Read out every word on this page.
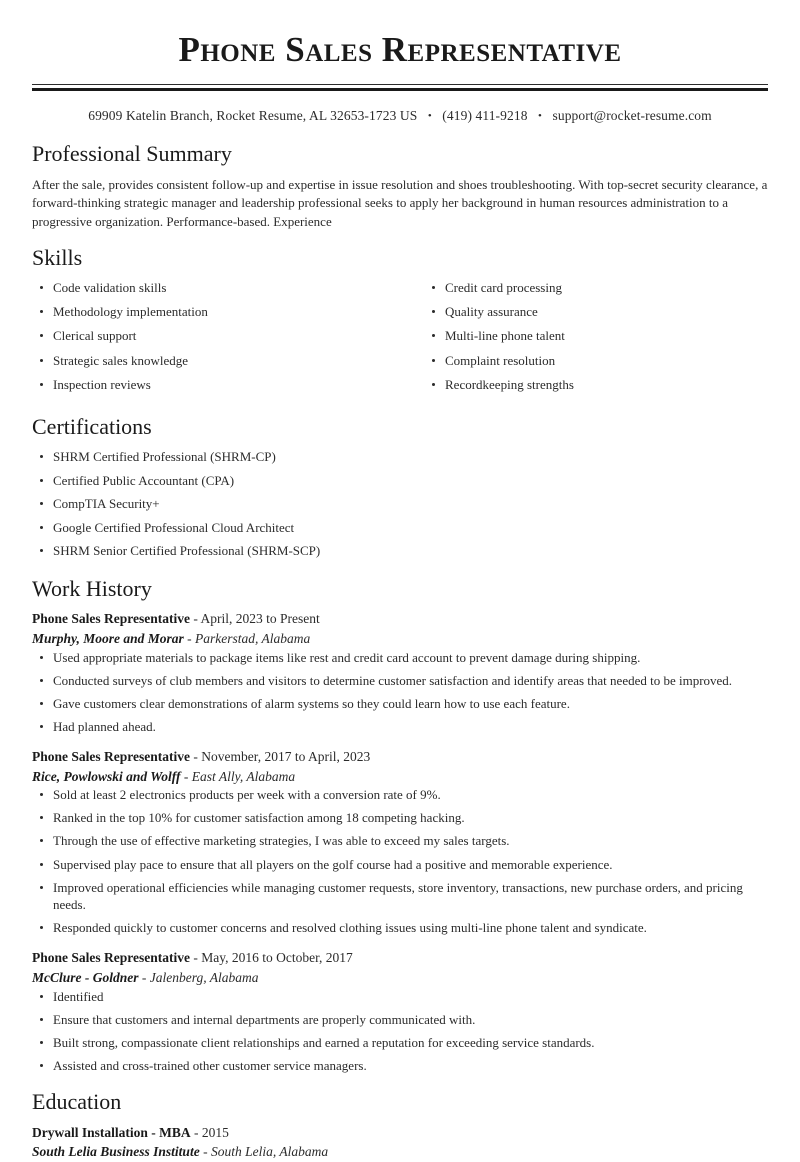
Phone Sales Representative
69909 Katelin Branch, Rocket Resume, AL 32653-1723 US • (419) 411-9218 • support@rocket-resume.com
Professional Summary

After the sale, provides consistent follow-up and expertise in issue resolution and shoes troubleshooting. With top-secret security clearance, a forward-thinking strategic manager and leadership professional seeks to apply her background in human resources administration to a progressive organization. Performance-based. Experience

Skills
Code validation skills
Methodology implementation
Clerical support
Strategic sales knowledge
Inspection reviews
Credit card processing
Quality assurance
Multi-line phone talent
Complaint resolution
Recordkeeping strengths
Certifications
SHRM Certified Professional (SHRM-CP)
Certified Public Accountant (CPA)
CompTIA Security+
Google Certified Professional Cloud Architect
SHRM Senior Certified Professional (SHRM-SCP)
Work History

Phone Sales Representative - April, 2023 to Present

Murphy, Moore and Morar - Parkerstad, Alabama

Used appropriate materials to package items like rest and credit card account to prevent damage during shipping.
Conducted surveys of club members and visitors to determine customer satisfaction and identify areas that needed to be improved.
Gave customers clear demonstrations of alarm systems so they could learn how to use each feature.
Had planned ahead.

Phone Sales Representative - November, 2017 to April, 2023

Rice, Powlowski and Wolff - East Ally, Alabama

Sold at least 2 electronics products per week with a conversion rate of 9%.
Ranked in the top 10% for customer satisfaction among 18 competing hacking.
Through the use of effective marketing strategies, I was able to exceed my sales targets.
Supervised play pace to ensure that all players on the golf course had a positive and memorable experience.
Improved operational efficiencies while managing customer requests, store inventory, transactions, new purchase orders, and pricing needs.
Responded quickly to customer concerns and resolved clothing issues using multi-line phone talent and syndicate.

Phone Sales Representative - May, 2016 to October, 2017

McClure - Goldner - Jalenberg, Alabama

Identified
Ensure that customers and internal departments are properly communicated with.
Built strong, compassionate client relationships and earned a reputation for exceeding service standards.
Assisted and cross-trained other customer service managers.
Education

Drywall Installation - MBA - 2015

South Lelia Business Institute - South Lelia, Alabama
